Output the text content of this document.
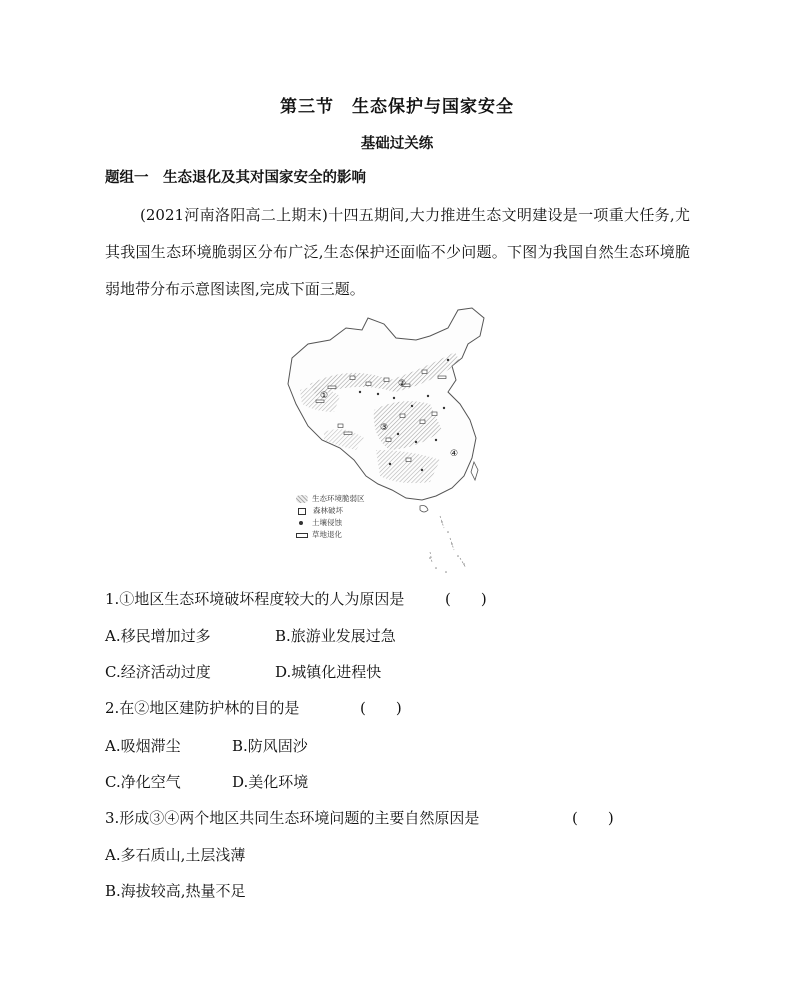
第三节　生态保护与国家安全
基础过关练
题组一　生态退化及其对国家安全的影响
(2021河南洛阳高二上期末)十四五期间,大力推进生态文明建设是一项重大任务,尤其我国生态环境脆弱区分布广泛,生态保护还面临不少问题。下图为我国自然生态环境脆弱地带分布示意图读图,完成下面三题。
①
②
③
④
生态环境脆弱区
森林破坏
土壤侵蚀
草地退化
1.①地区生态环境破坏程度较大的人为原因是	(　　)
A.移民增加过多	B.旅游业发展过急
C.经济活动过度	D.城镇化进程快
2.在②地区建防护林的目的是	(　　)
A.吸烟滞尘	B.防风固沙
C.净化空气	D.美化环境
3.形成③④两个地区共同生态环境问题的主要自然原因是	(　　)
A.多石质山,土层浅薄
B.海拔较高,热量不足
